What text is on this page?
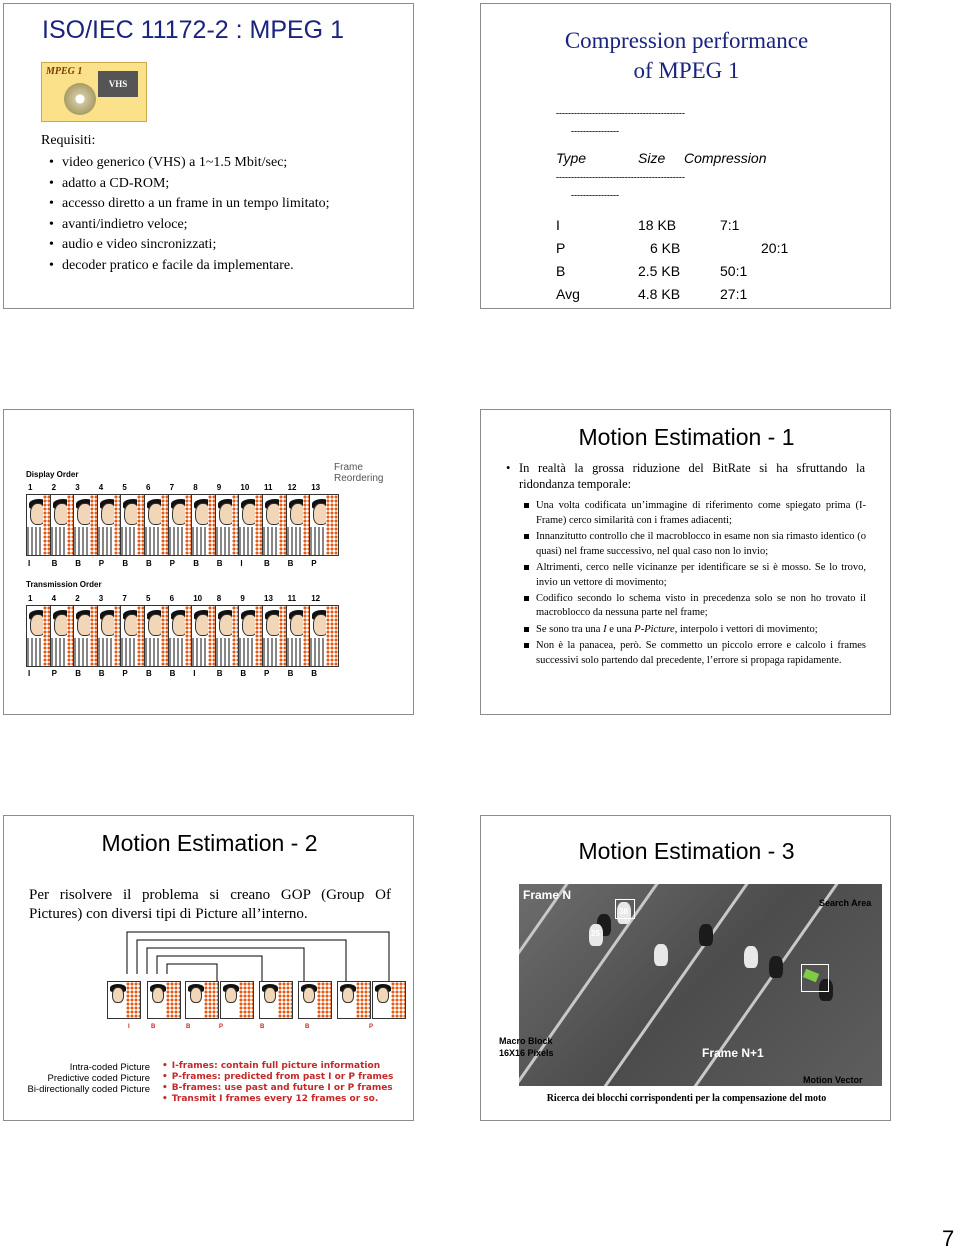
ISO/IEC 11172-2 : MPEG 1
MPEG 1
VHS
Requisiti:
• video generico (VHS) a 1~1.5 Mbit/sec;
• adatto a CD-ROM;
• accesso diretto a un frame in un tempo limitato;
• avanti/indietro veloce;
• audio e video sincronizzati;
• decoder pratico e facile da implementare.
Compression performance
of MPEG 1
-------------------------------------------
----------------
Type	Size Compression
-------------------------------------------
----------------
I	18 KB	7:1
P	6 KB	20:1
B	2.5 KB	50:1
Avg	4.8 KB	27:1
Frame Reordering
Display Order
Transmission Order
1
I
2
B
3
B
4
P
5
B
6
B
7
P
8
B
9
B
10
I
11
B
12
B
13
P
1
I
4
P
2
B
3
B
7
P
5
B
6
B
10
I
8
B
9
B
13
P
11
B
12
B
Motion Estimation - 1
• In realtà la grossa riduzione del BitRate si ha sfruttando la ridondanza temporale:
Una volta codificata un’immagine di riferimento come spiegato prima (I-Frame) cerco similarità con i frames adiacenti;
Innanzitutto controllo che il macroblocco in esame non sia rimasto identico (o quasi) nel frame successivo, nel qual caso non lo invio;
Altrimenti, cerco nelle vicinanze per identificare se si è mosso. Se lo trovo, invio un vettore di movimento;
Codifico secondo lo schema visto in precedenza solo se non ho trovato il macroblocco da nessuna parte nel frame;
Se sono tra una I e una P-Picture, interpolo i vettori di movimento;
Non è la panacea, però. Se commetto un piccolo errore e calcolo i frames successivi solo partendo dal precedente, l’errore si propaga rapidamente.
Motion Estimation - 2
Per risolvere il problema si creano GOP (Group Of Pictures) con diversi tipi di Picture all’interno.
I	B	B	P	B	B	P
Intra-coded Picture
Predictive coded Picture
Bi-directionally coded Picture
• I-frames: contain full picture information
• P-frames: predicted from past I or P frames
• B-frames: use past and future I or P frames
• Transmit I frames every 12 frames or so.
Motion Estimation - 3
Frame N
38
25
Frame N+1
Search Area
Macro Block
16X16 Pixels
Motion Vector
Ricerca dei blocchi corrispondenti per la compensazione del moto
7
